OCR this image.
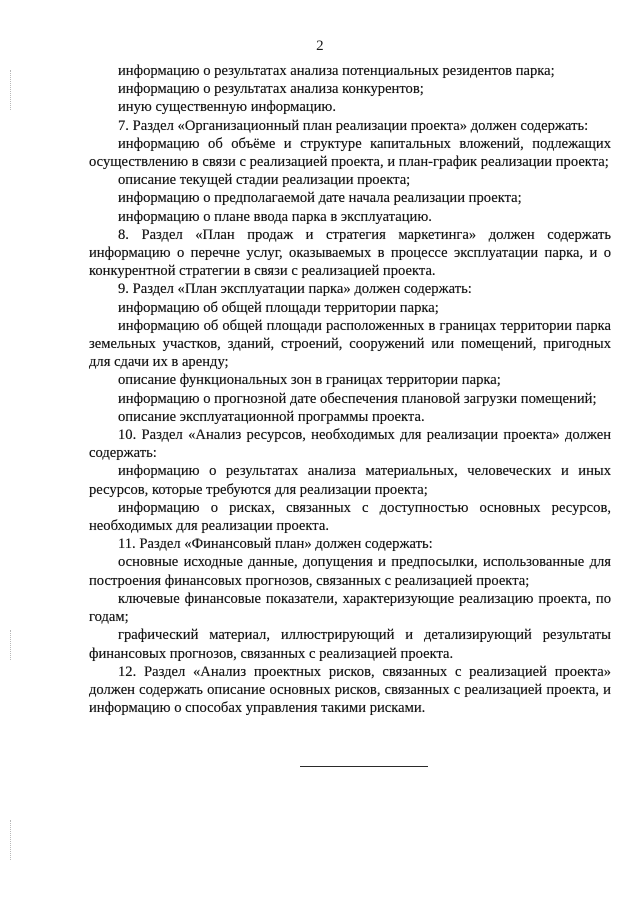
2

информацию о результатах анализа потенциальных резидентов парка;

информацию о результатах анализа конкурентов;

иную существенную информацию.

7. Раздел «Организационный план реализации проекта» должен содержать:

информацию об объёме и структуре капитальных вложений, подлежащих осуществлению в связи с реализацией проекта, и план-график реализации проекта;

описание текущей стадии реализации проекта;

информацию о предполагаемой дате начала реализации проекта;

информацию о плане ввода парка в эксплуатацию.

8. Раздел «План продаж и стратегия маркетинга» должен содержать информацию о перечне услуг, оказываемых в процессе эксплуатации парка, и о конкурентной стратегии в связи с реализацией проекта.

9. Раздел «План эксплуатации парка» должен содержать:

информацию об общей площади территории парка;

информацию об общей площади расположенных в границах территории парка земельных участков, зданий, строений, сооружений или помещений, пригодных для сдачи их в аренду;

описание функциональных зон в границах территории парка;

информацию о прогнозной дате обеспечения плановой загрузки помещений;

описание эксплуатационной программы проекта.

10. Раздел «Анализ ресурсов, необходимых для реализации проекта» должен содержать:

информацию о результатах анализа материальных, человеческих и иных ресурсов, которые требуются для реализации проекта;

информацию о рисках, связанных с доступностью основных ресурсов, необходимых для реализации проекта.

11. Раздел «Финансовый план» должен содержать:

основные исходные данные, допущения и предпосылки, использованные для построения финансовых прогнозов, связанных с реализацией проекта;

ключевые финансовые показатели, характеризующие реализацию проекта, по годам;

графический материал, иллюстрирующий и детализирующий результаты финансовых прогнозов, связанных с реализацией проекта.

12. Раздел «Анализ проектных рисков, связанных с реализацией проекта» должен содержать описание основных рисков, связанных с реализацией проекта, и информацию о способах управления такими рисками.
